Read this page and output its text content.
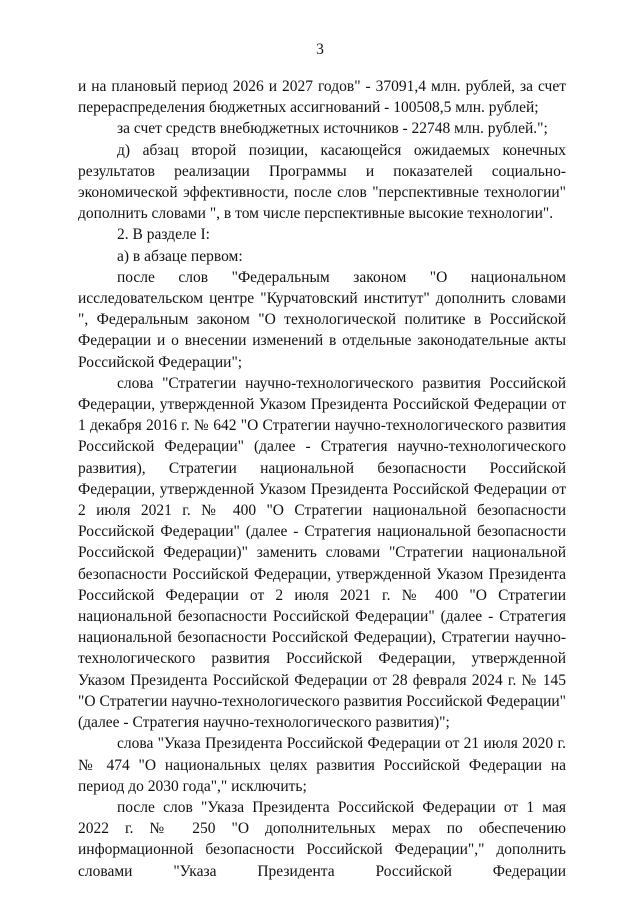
3

и на плановый период 2026 и 2027 годов" - 37091,4 млн. рублей, за счет перераспределения бюджетных ассигнований - 100508,5 млн. рублей;

за счет средств внебюджетных источников - 22748 млн. рублей.";

д) абзац второй позиции, касающейся ожидаемых конечных результатов реализации Программы и показателей социально-экономической эффективности, после слов "перспективные технологии" дополнить словами ", в том числе перспективные высокие технологии".

2. В разделе I:

а) в абзаце первом:

после слов "Федеральным законом "О национальном исследовательском центре "Курчатовский институт" дополнить словами ", Федеральным законом "О технологической политике в Российской Федерации и о внесении изменений в отдельные законодательные акты Российской Федерации";

слова "Стратегии научно-технологического развития Российской Федерации, утвержденной Указом Президента Российской Федерации от 1 декабря 2016 г. № 642 "О Стратегии научно-технологического развития Российской Федерации" (далее - Стратегия научно-технологического развития), Стратегии национальной безопасности Российской Федерации, утвержденной Указом Президента Российской Федерации от 2 июля 2021 г. № 400 "О Стратегии национальной безопасности Российской Федерации" (далее - Стратегия национальной безопасности Российской Федерации)" заменить словами "Стратегии национальной безопасности Российской Федерации, утвержденной Указом Президента Российской Федерации от 2 июля 2021 г. № 400 "О Стратегии национальной безопасности Российской Федерации" (далее - Стратегия национальной безопасности Российской Федерации), Стратегии научно-технологического развития Российской Федерации, утвержденной Указом Президента Российской Федерации от 28 февраля 2024 г. № 145 "О Стратегии научно-технологического развития Российской Федерации" (далее - Стратегия научно-технологического развития)";

слова "Указа Президента Российской Федерации от 21 июля 2020 г. № 474 "О национальных целях развития Российской Федерации на период до 2030 года"," исключить;

после слов "Указа Президента Российской Федерации от 1 мая 2022 г. № 250 "О дополнительных мерах по обеспечению информационной безопасности Российской Федерации"," дополнить словами "Указа Президента Российской Федерации
